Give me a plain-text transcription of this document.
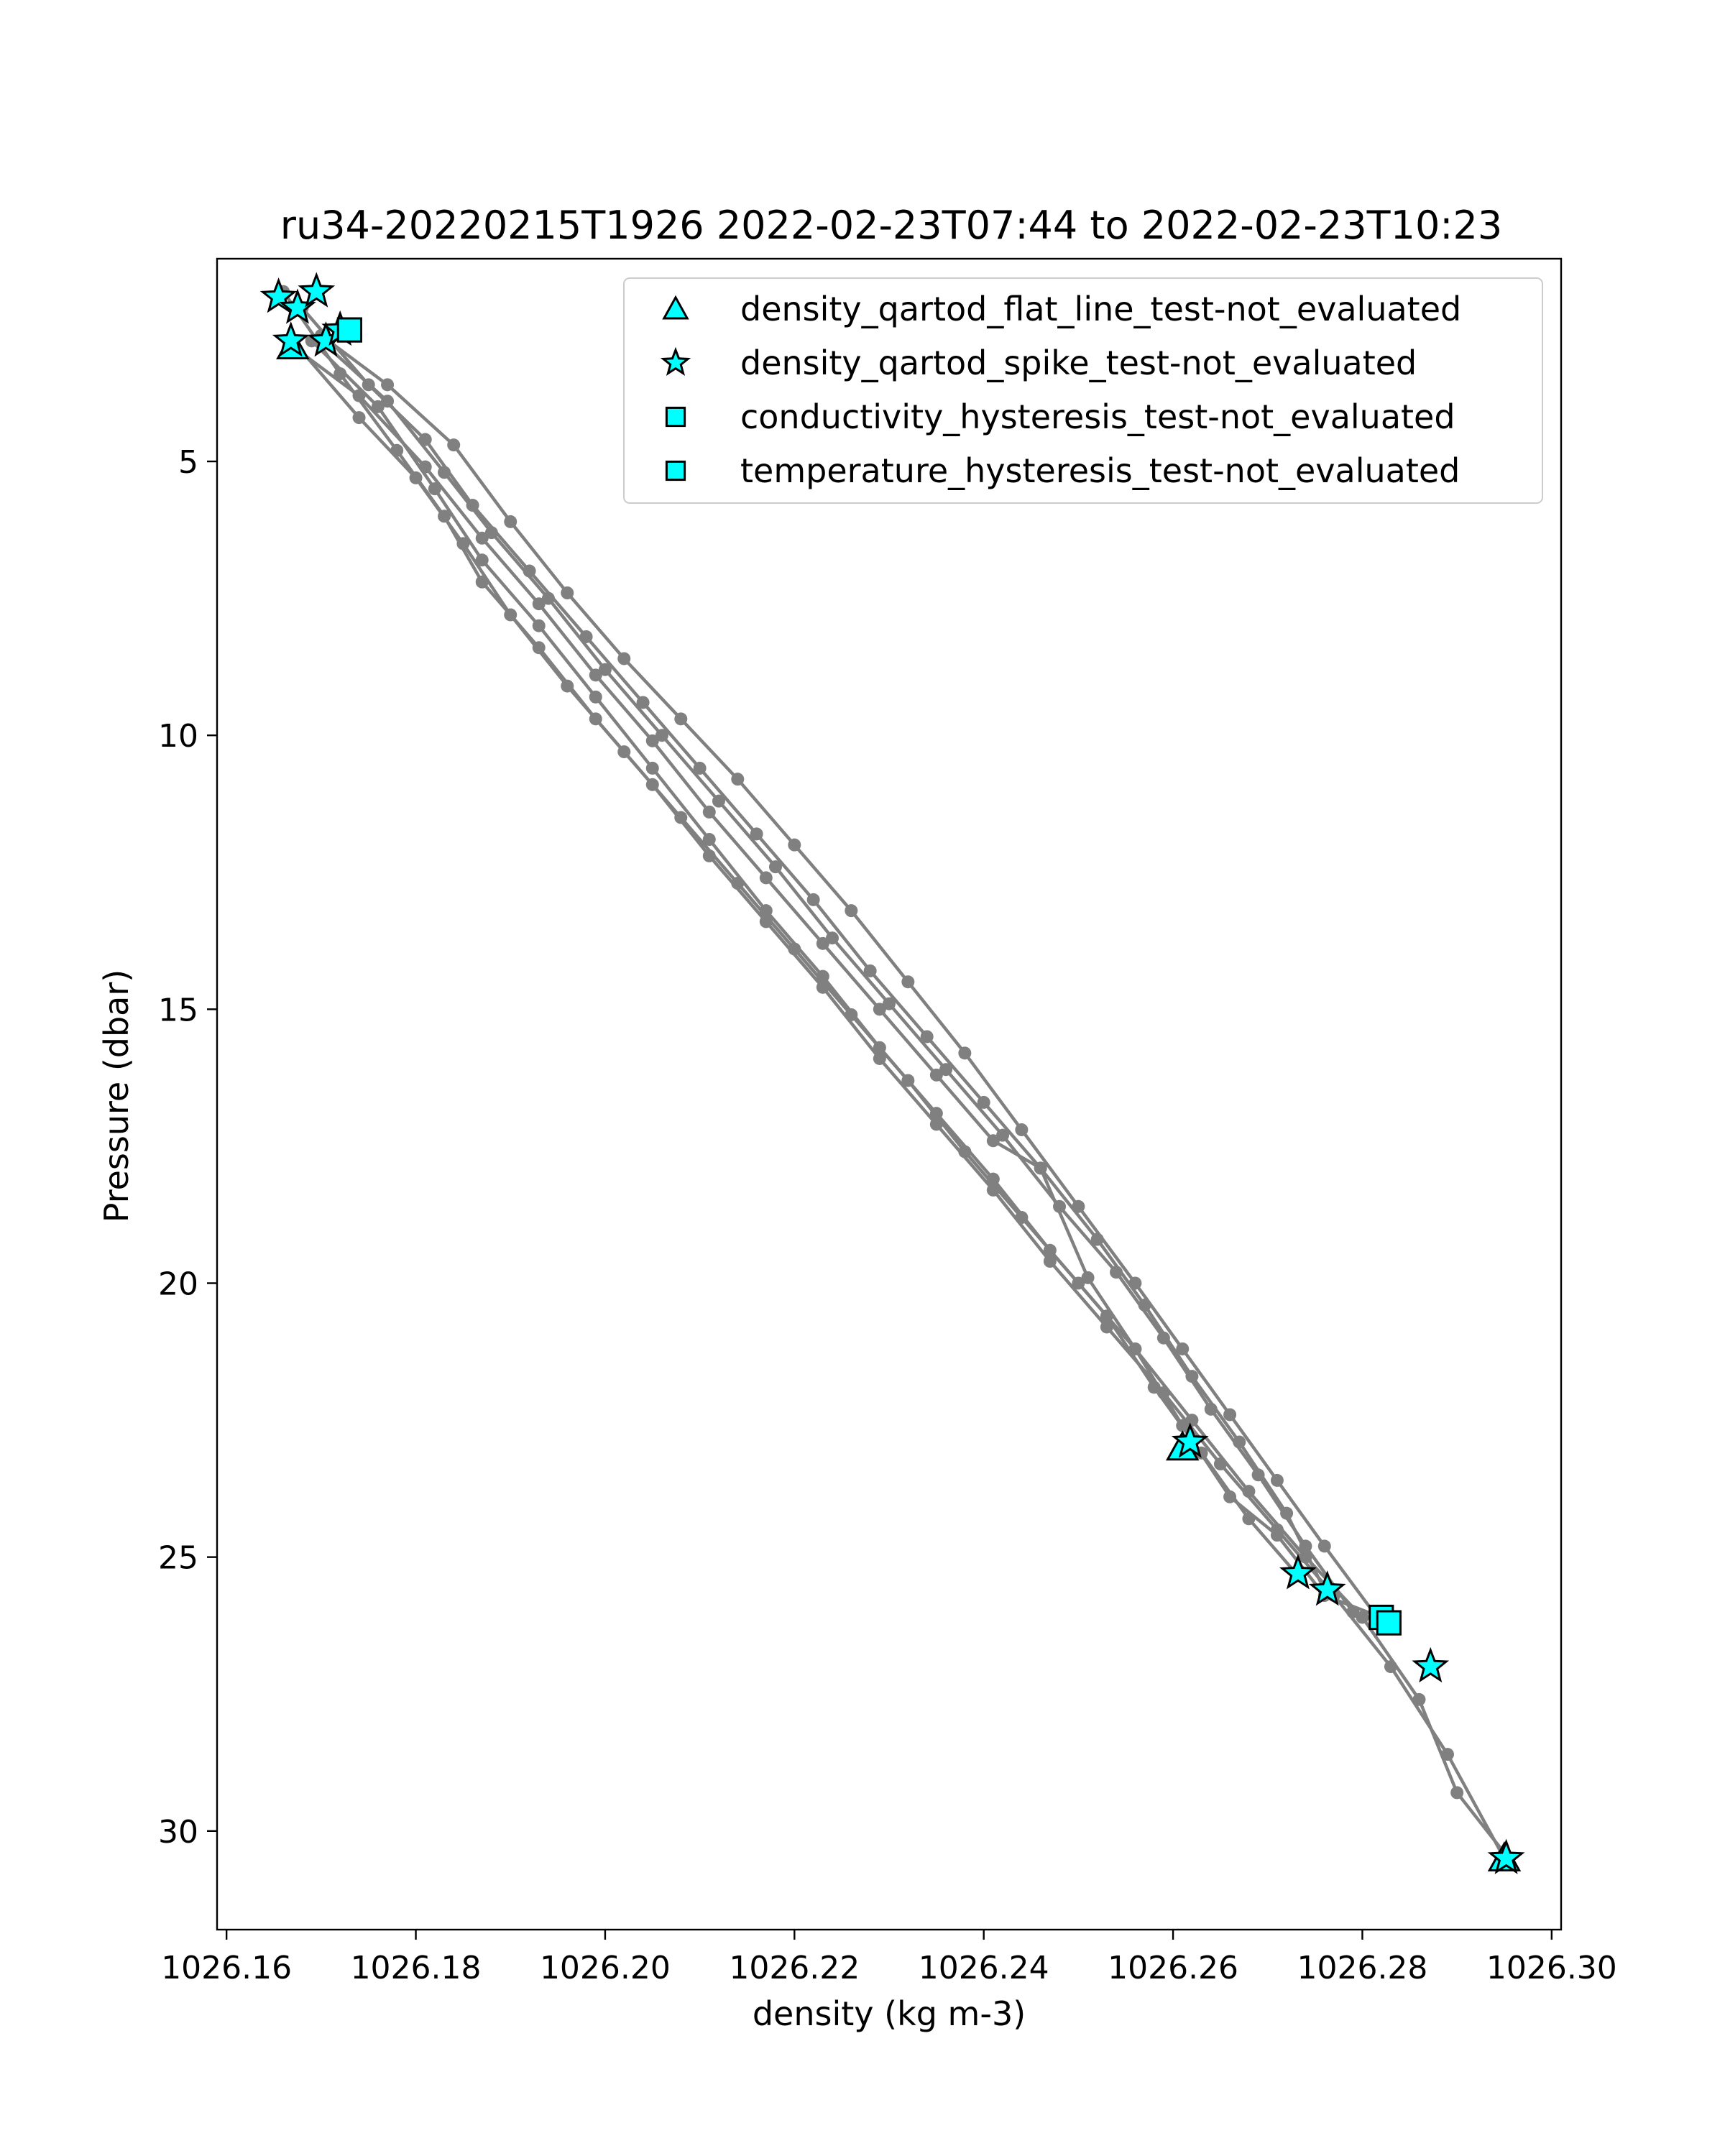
ru34-20220215T1926 2022-02-23T07:44 to 2022-02-23T10:23
1026.16 1026.18 1026.20 1026.22 1026.24 1026.26 1026.28 1026.30
5
10
15
20
25
30
density (kg m-3)
Pressure (dbar)
density_qartod_flat_line_test-not_evaluated
density_qartod_spike_test-not_evaluated
conductivity_hysteresis_test-not_evaluated
temperature_hysteresis_test-not_evaluated
